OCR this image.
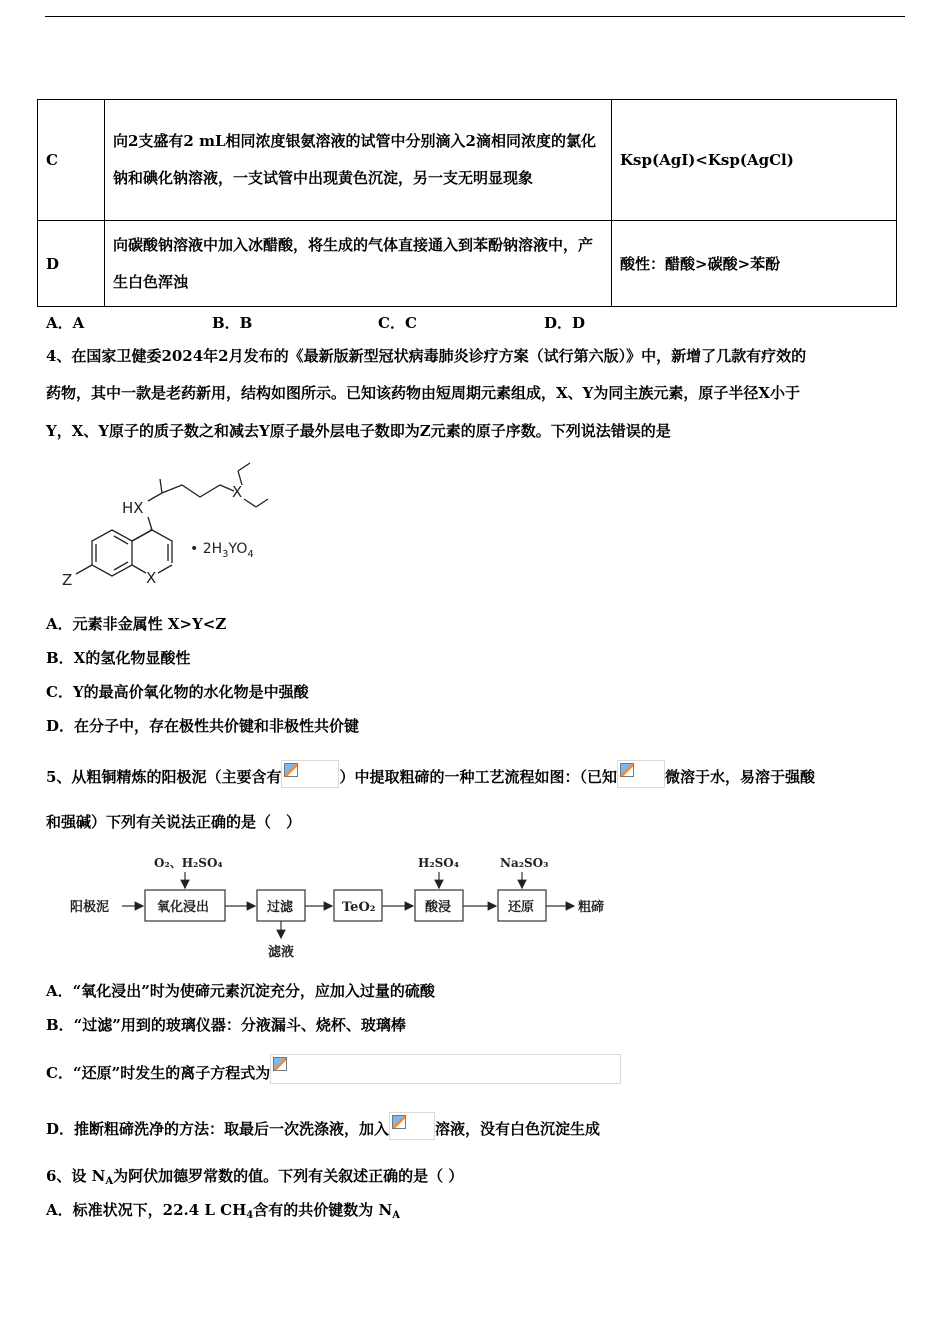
C	向2支盛有2 mL相同浓度银氨溶液的试管中分别滴入2滴相同浓度的氯化钠和碘化钠溶液，一支试管中出现黄色沉淀，另一支无明显现象	Ksp(AgI)<Ksp(AgCl)
D	向碳酸钠溶液中加入冰醋酸，将生成的气体直接通入到苯酚钠溶液中，产生白色浑浊	酸性：醋酸>碳酸>苯酚
A．A	B．B	C．C	D．D
4、在国家卫健委2024年2月发布的《最新版新型冠状病毒肺炎诊疗方案（试行第六版）》中，新增了几款有疗效的
药物，其中一款是老药新用，结构如图所示。已知该药物由短周期元素组成，X、Y为同主族元素，原子半径X小于
Y，X、Y原子的质子数之和减去Y原子最外层电子数即为Z元素的原子序数。下列说法错误的是
HX
X
X
Z
• $2H_3YO_4$
A．元素非金属性 X>Y<Z
B．X的氢化物显酸性
C．Y的最高价氧化物的水化物是中强酸
D．在分子中，存在极性共价键和非极性共价键
5、从粗铜精炼的阳极泥（主要含有	）中提取粗碲的一种工艺流程如图：（已知	微溶于水，易溶于强酸
和强碱）下列有关说法正确的是（　）
阳极泥
O₂、H₂SO₄
氧化浸出	过滤
滤液
TeO₂
H₂SO₄
酸浸
Na₂SO₃
还原	粗碲
A．“氧化浸出”时为使碲元素沉淀充分，应加入过量的硫酸
B．“过滤”用到的玻璃仪器：分液漏斗、烧杯、玻璃棒
C．“还原”时发生的离子方程式为
D．推断粗碲洗净的方法：取最后一次洗涤液，加入	溶液，没有白色沉淀生成
6、设 $N_A$为阿伏加德罗常数的值。下列有关叙述正确的是（ ）
A．标准状况下，22.4 L $CH_4$含有的共价键数为 $N_A$
